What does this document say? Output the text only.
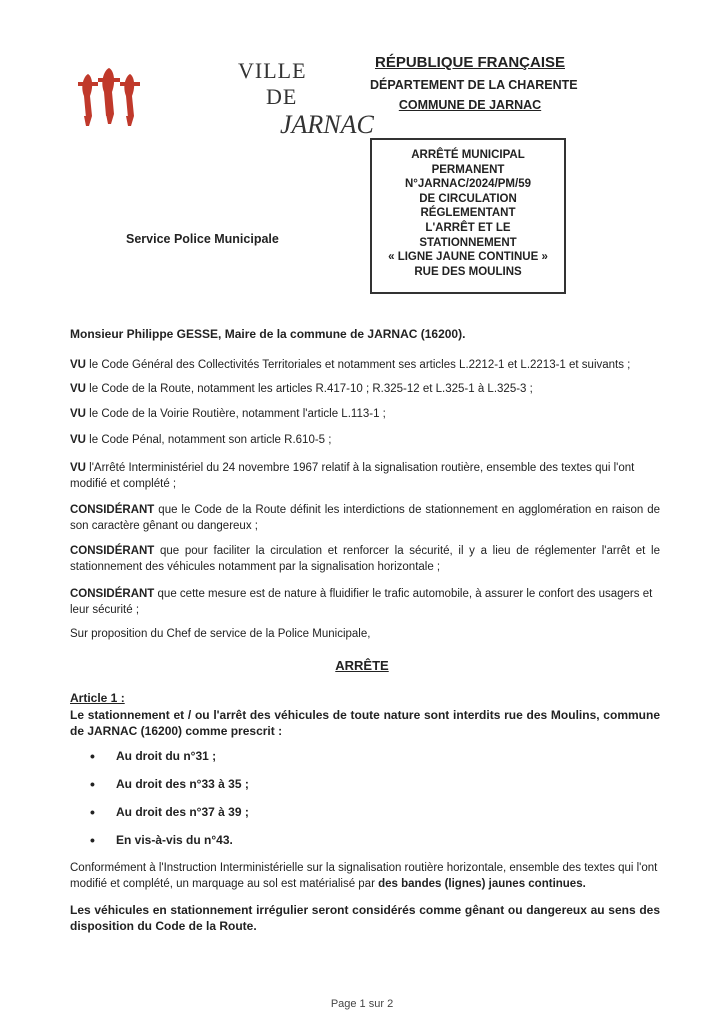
VILLE
DE
JARNAC
RÉPUBLIQUE FRANÇAISE
DÉPARTEMENT DE LA CHARENTE
COMMUNE DE JARNAC
Service Police Municipale
ARRÊTÉ MUNICIPAL
PERMANENT
N°JARNAC/2024/PM/59
DE CIRCULATION
RÉGLEMENTANT
L'ARRÊT ET LE
STATIONNEMENT
« LIGNE JAUNE CONTINUE »
RUE DES MOULINS
Monsieur Philippe GESSE, Maire de la commune de JARNAC (16200).
VU le Code Général des Collectivités Territoriales et notamment ses articles L.2212-1 et L.2213-1 et suivants ;
VU le Code de la Route, notamment les articles R.417-10 ; R.325-12 et L.325-1 à L.325-3 ;
VU le Code de la Voirie Routière, notamment l'article L.113-1 ;
VU le Code Pénal, notamment son article R.610-5 ;
VU l'Arrêté Interministériel du 24 novembre 1967 relatif à la signalisation routière, ensemble des textes qui l'ont modifié et complété ;
CONSIDÉRANT que le Code de la Route définit les interdictions de stationnement en agglomération en raison de son caractère gênant ou dangereux ;
CONSIDÉRANT que pour faciliter la circulation et renforcer la sécurité, il y a lieu de réglementer l'arrêt et le stationnement des véhicules notamment par la signalisation horizontale ;
CONSIDÉRANT que cette mesure est de nature à fluidifier le trafic automobile, à assurer le confort des usagers et leur sécurité ;
Sur proposition du Chef de service de la Police Municipale,
ARRÊTE
Article 1 :
Le stationnement et / ou l'arrêt des véhicules de toute nature sont interdits rue des Moulins, commune de JARNAC (16200) comme prescrit :
• Au droit du n°31 ;
• Au droit des n°33 à 35 ;
• Au droit des n°37 à 39 ;
• En vis-à-vis du n°43.
Conformément à l'Instruction Interministérielle sur la signalisation routière horizontale, ensemble des textes qui l'ont modifié et complété, un marquage au sol est matérialisé par des bandes (lignes) jaunes continues.
Les véhicules en stationnement irrégulier seront considérés comme gênant ou dangereux au sens des disposition du Code de la Route.
Page 1 sur 2
